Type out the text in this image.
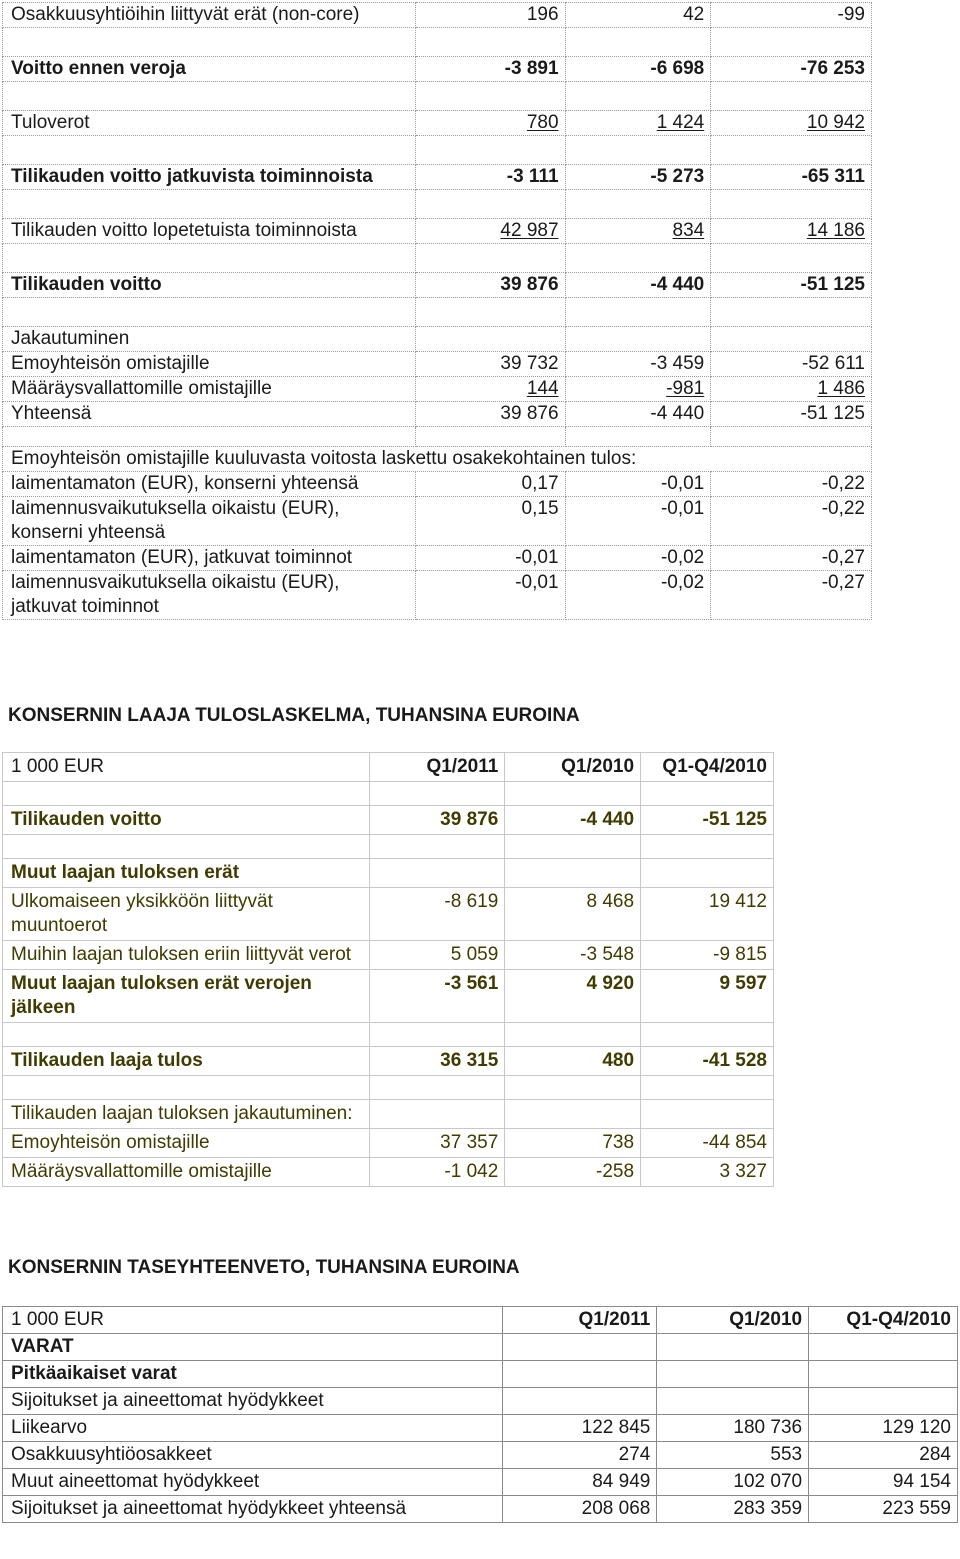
Osakkuusyhtiöihin liittyvät erät (non-core)	196	42	-99

Voitto ennen veroja	-3 891	-6 698	-76 253

Tuloverot	780	1 424	10 942

Tilikauden voitto jatkuvista toiminnoista	-3 111	-5 273	-65 311

Tilikauden voitto lopetetuista toiminnoista	42 987	834	14 186

Tilikauden voitto	39 876	-4 440	-51 125

Jakautuminen			
Emoyhteisön omistajille	39 732	-3 459	-52 611
Määräysvallattomille omistajille	144	-981	1 486
Yhteensä	39 876	-4 440	-51 125

Emoyhteisön omistajille kuuluvasta voitosta laskettu osakekohtainen tulos:			
laimentamaton (EUR), konserni yhteensä	0,17	-0,01	-0,22
laimennusvaikutuksella oikaistu (EUR), konserni yhteensä	0,15	-0,01	-0,22
laimentamaton (EUR), jatkuvat toiminnot	-0,01	-0,02	-0,27
laimennusvaikutuksella oikaistu (EUR), jatkuvat toiminnot	-0,01	-0,02	-0,27
KONSERNIN LAAJA TULOSLASKELMA, TUHANSINA EUROINA
1 000 EUR	Q1/2011	Q1/2010	Q1-Q4/2010

Tilikauden voitto	39 876	-4 440	-51 125

Muut laajan tuloksen erät			
Ulkomaiseen yksikköön liittyvät muuntoerot	-8 619	8 468	19 412
Muihin laajan tuloksen eriin liittyvät verot	5 059	-3 548	-9 815
Muut laajan tuloksen erät verojen jälkeen	-3 561	4 920	9 597

Tilikauden laaja tulos	36 315	480	-41 528

Tilikauden laajan tuloksen jakautuminen:			
Emoyhteisön omistajille	37 357	738	-44 854
Määräysvallattomille omistajille	-1 042	-258	3 327
KONSERNIN TASEYHTEENVETO, TUHANSINA EUROINA
1 000 EUR	Q1/2011	Q1/2010	Q1-Q4/2010
VARAT			
Pitkäaikaiset varat			
Sijoitukset ja aineettomat hyödykkeet			
Liikearvo	122 845	180 736	129 120
Osakkuusyhtiöosakkeet	274	553	284
Muut aineettomat hyödykkeet	84 949	102 070	94 154
Sijoitukset ja aineettomat hyödykkeet yhteensä	208 068	283 359	223 559
